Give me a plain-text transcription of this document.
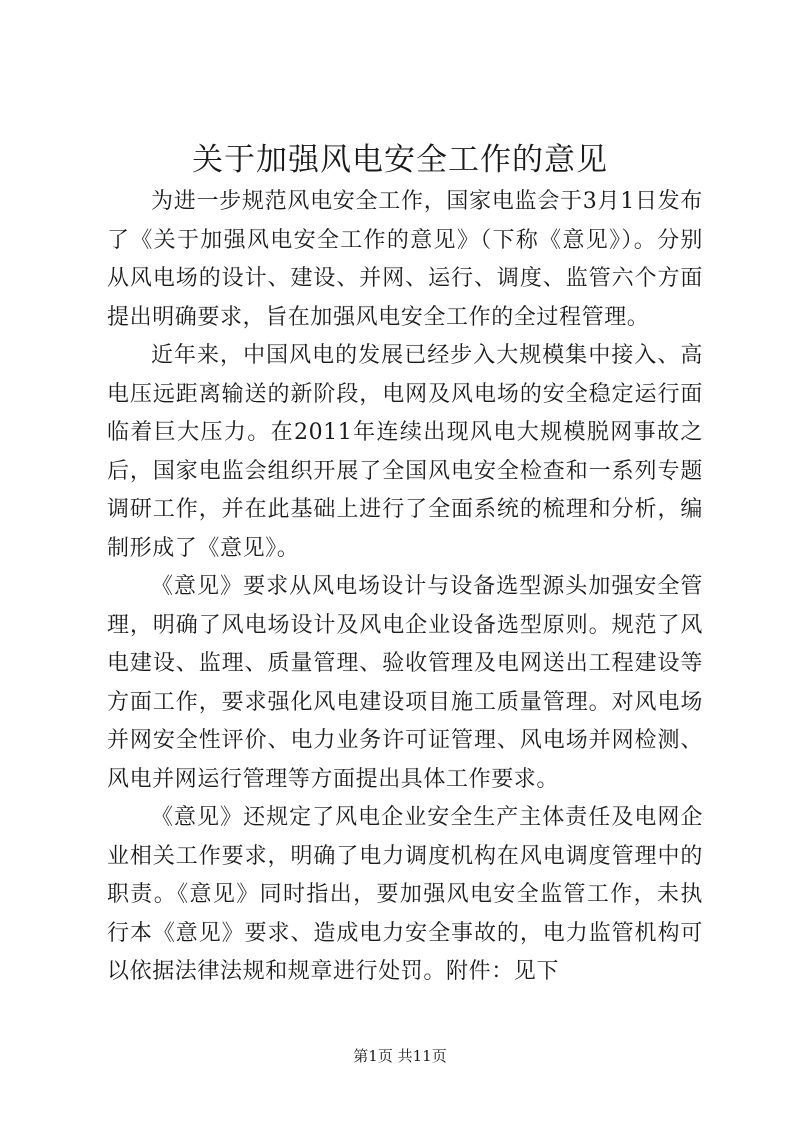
关于加强风电安全工作的意见

为进一步规范风电安全工作，国家电监会于3月1日发布了《关于加强风电安全工作的意见》（下称《意见》）。分别从风电场的设计、建设、并网、运行、调度、监管六个方面提出明确要求，旨在加强风电安全工作的全过程管理。

近年来，中国风电的发展已经步入大规模集中接入、高电压远距离输送的新阶段，电网及风电场的安全稳定运行面临着巨大压力。在2011年连续出现风电大规模脱网事故之后，国家电监会组织开展了全国风电安全检查和一系列专题调研工作，并在此基础上进行了全面系统的梳理和分析，编制形成了《意见》。

《意见》要求从风电场设计与设备选型源头加强安全管理，明确了风电场设计及风电企业设备选型原则。规范了风电建设、监理、质量管理、验收管理及电网送出工程建设等方面工作，要求强化风电建设项目施工质量管理。对风电场并网安全性评价、电力业务许可证管理、风电场并网检测、风电并网运行管理等方面提出具体工作要求。

《意见》还规定了风电企业安全生产主体责任及电网企业相关工作要求，明确了电力调度机构在风电调度管理中的职责。《意见》同时指出，要加强风电安全监管工作，未执行本《意见》要求、造成电力安全事故的，电力监管机构可以依据法律法规和规章进行处罚。附件：见下

第1页 共11页
